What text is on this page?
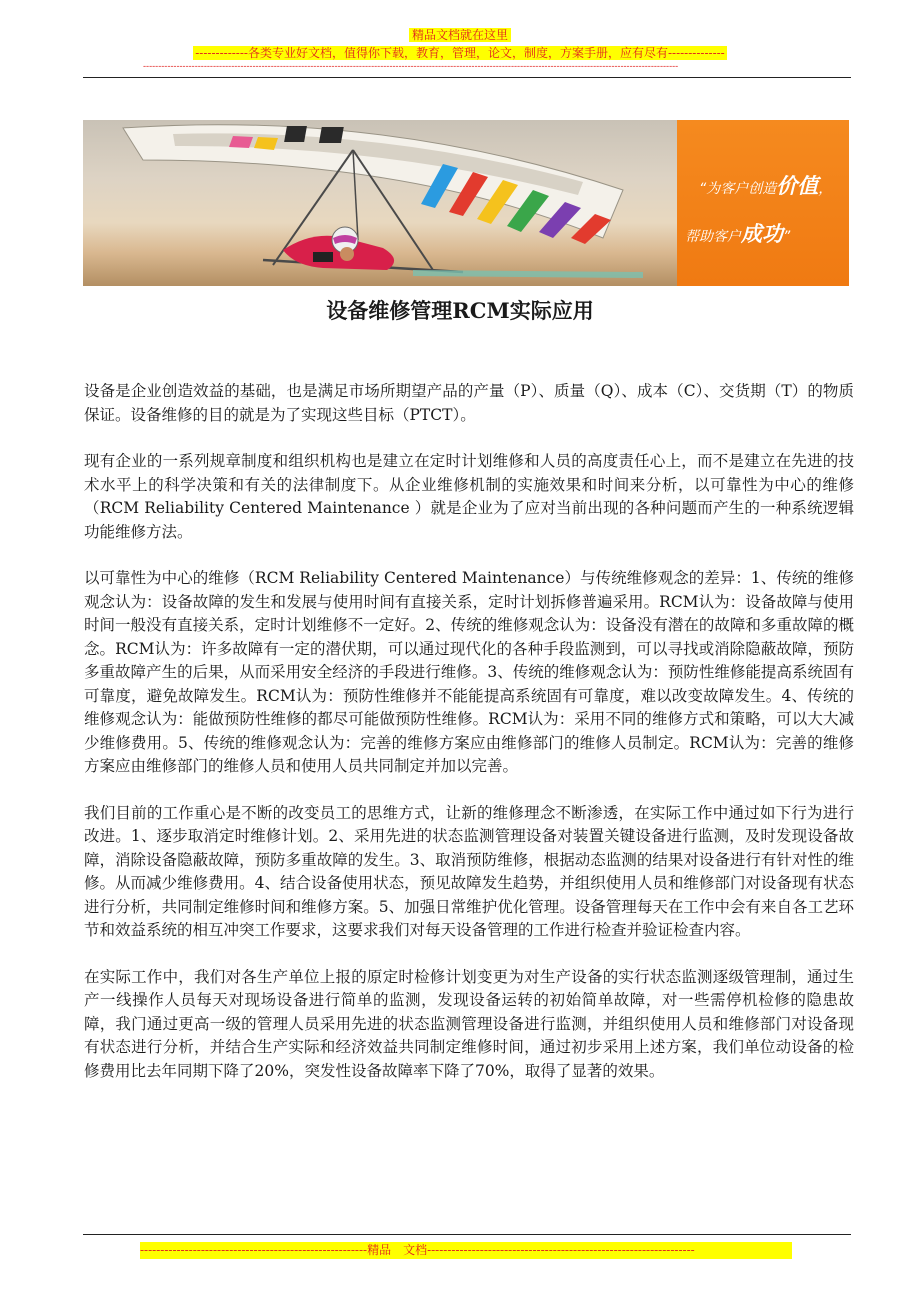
精品文档就在这里
-------------各类专业好文档，值得你下载，教育，管理，论文，制度，方案手册，应有尽有--------------
--------------------------------------------------------------------------------------------------------------------------------------------------------------------------------
“为客户创造价值，
帮助客户成功”
设备维修管理RCM实际应用

设备是企业创造效益的基础，也是满足市场所期望产品的产量（P）、质量（Q）、成本（C）、交货期（T）的物质保证。设备维修的目的就是为了实现这些目标（PTCT）。

现有企业的一系列规章制度和组织机构也是建立在定时计划维修和人员的高度责任心上，而不是建立在先进的技术水平上的科学决策和有关的法律制度下。从企业维修机制的实施效果和时间来分析，以可靠性为中心的维修（RCM Reliability Centered Maintenance ）就是企业为了应对当前出现的各种问题而产生的一种系统逻辑功能维修方法。

以可靠性为中心的维修（RCM Reliability Centered Maintenance）与传统维修观念的差异：1、传统的维修观念认为：设备故障的发生和发展与使用时间有直接关系，定时计划拆修普遍采用。RCM认为：设备故障与使用时间一般没有直接关系，定时计划维修不一定好。2、传统的维修观念认为：设备没有潜在的故障和多重故障的概念。RCM认为：许多故障有一定的潜伏期，可以通过现代化的各种手段监测到，可以寻找或消除隐蔽故障，预防多重故障产生的后果，从而采用安全经济的手段进行维修。3、传统的维修观念认为：预防性维修能提高系统固有可靠度，避免故障发生。RCM认为：预防性维修并不能能提高系统固有可靠度，难以改变故障发生。4、传统的维修观念认为：能做预防性维修的都尽可能做预防性维修。RCM认为：采用不同的维修方式和策略，可以大大减少维修费用。5、传统的维修观念认为：完善的维修方案应由维修部门的维修人员制定。RCM认为：完善的维修方案应由维修部门的维修人员和使用人员共同制定并加以完善。

我们目前的工作重心是不断的改变员工的思维方式，让新的维修理念不断渗透，在实际工作中通过如下行为进行改进。1、逐步取消定时维修计划。2、采用先进的状态监测管理设备对装置关键设备进行监测，及时发现设备故障，消除设备隐蔽故障，预防多重故障的发生。3、取消预防维修，根据动态监测的结果对设备进行有针对性的维修。从而减少维修费用。4、结合设备使用状态，预见故障发生趋势，并组织使用人员和维修部门对设备现有状态进行分析，共同制定维修时间和维修方案。5、加强日常维护优化管理。设备管理每天在工作中会有来自各工艺环节和效益系统的相互冲突工作要求，这要求我们对每天设备管理的工作进行检查并验证检查内容。

在实际工作中，我们对各生产单位上报的原定时检修计划变更为对生产设备的实行状态监测逐级管理制，通过生产一线操作人员每天对现场设备进行简单的监测，发现设备运转的初始简单故障，对一些需停机检修的隐患故障，我门通过更高一级的管理人员采用先进的状态监测管理设备进行监测，并组织使用人员和维修部门对设备现有状态进行分析，并结合生产实际和经济效益共同制定维修时间，通过初步采用上述方案，我们单位动设备的检修费用比去年同期下降了20%，突发性设备故障率下降了70%，取得了显著的效果。

--------------------------------------------------------精品　文档------------------------------------------------------------------
